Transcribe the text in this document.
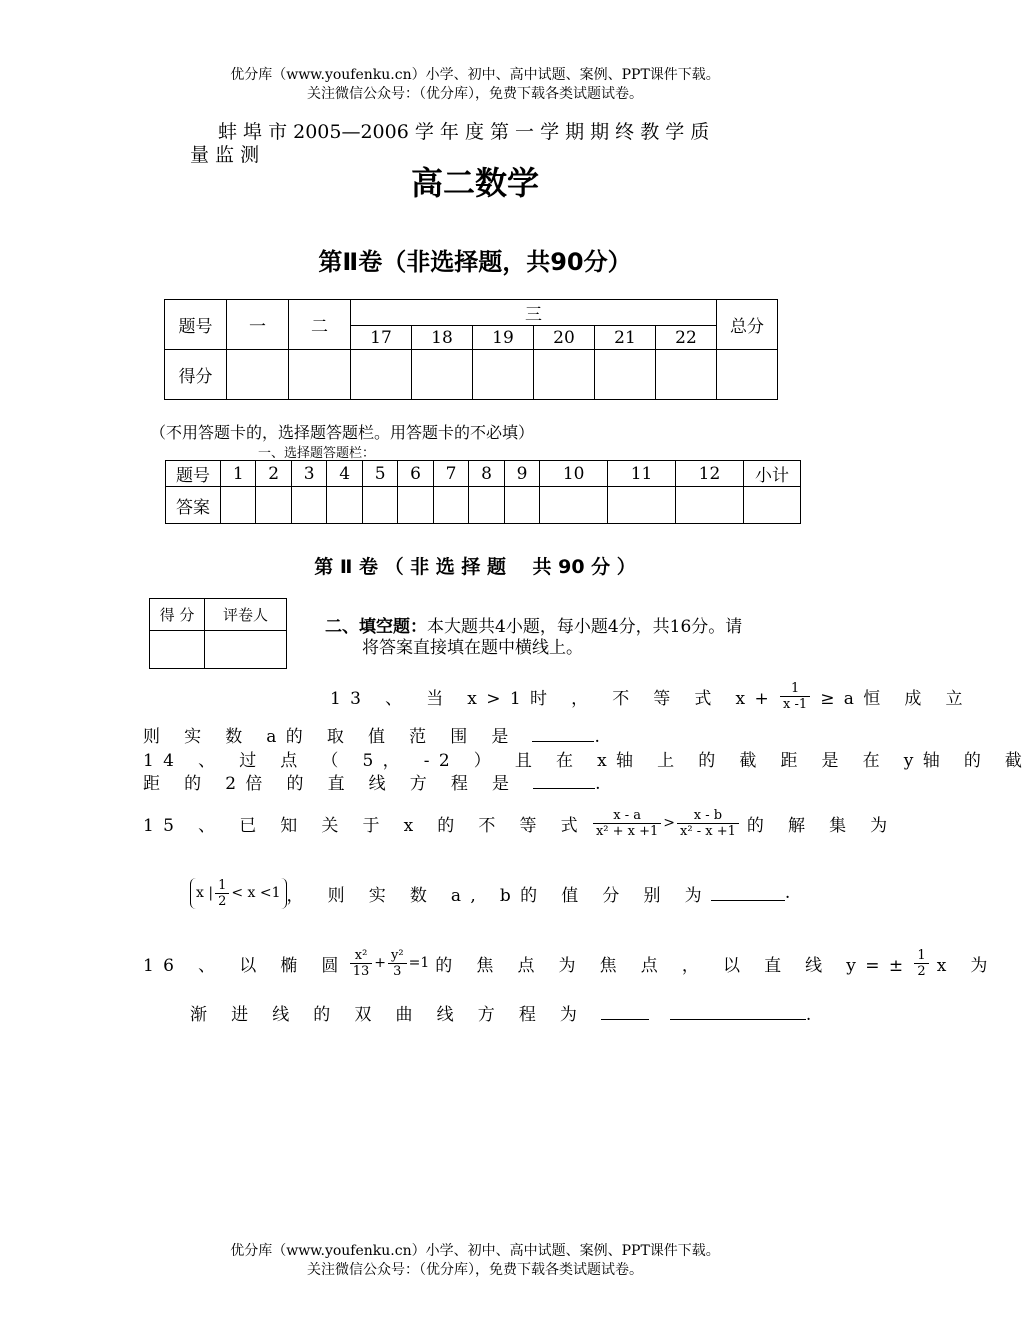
优分库（www.youfenku.cn）小学、初中、高中试题、案例、PPT课件下载。
关注微信公众号：（优分库），免费下载各类试题试卷。
蚌 埠 市 2005—2006 学 年 度 第 一 学 期 期 终 教 学 质
量 监 测
高二数学
第Ⅱ卷（非选择题，共90分）
题号	一	二	三						总分
			17	18	19	20	21	22	
得分									
（不用答题卡的，选择题答题栏。用答题卡的不必填）
一、选择题答题栏：
题号	1	2	3	4	5	6	7	8	9	10	11	12	小计
答案													
第 Ⅱ 卷 （ 非 选 择 题    共 90 分 ）
得 分	评卷人

二、填空题：本大题共4小题，每小题4分，共16分。请
将答案直接填在题中横线上。
13 、 当 x>1时 ， 不 等 式 $x+ \frac{1}{x -1} \ge a$恒 成 立
则 实 数 a的 取 值 范 围 是	.
14 、 过 点 （ 5， -2 ） 且 在 x轴 上 的 截 距 是 在 y轴 的 截
距 的 2倍 的 直 线 方 程 是	.
15 、 已 知 关 于 x 的 不 等 式 $\frac{x - a}{\text{x² + x +1}} > \frac{x - b}{\text{x² - x +1}}$ 的 解 集 为
x | $\frac{1}{2} < x <1$ ， 则 实 数 a, b的 值 分 别 为	.
16 、 以 椭 圆 $\frac{\text{x²}}{13} + \frac{\text{y²}}{3} =1$ 的 焦 点 为 焦 点 ， 以 直 线 $y=\pm \frac{1}{2}$ x 为
渐 进 线 的 双 曲 线 方 程 为	.
优分库（www.youfenku.cn）小学、初中、高中试题、案例、PPT课件下载。
关注微信公众号：（优分库），免费下载各类试题试卷。
